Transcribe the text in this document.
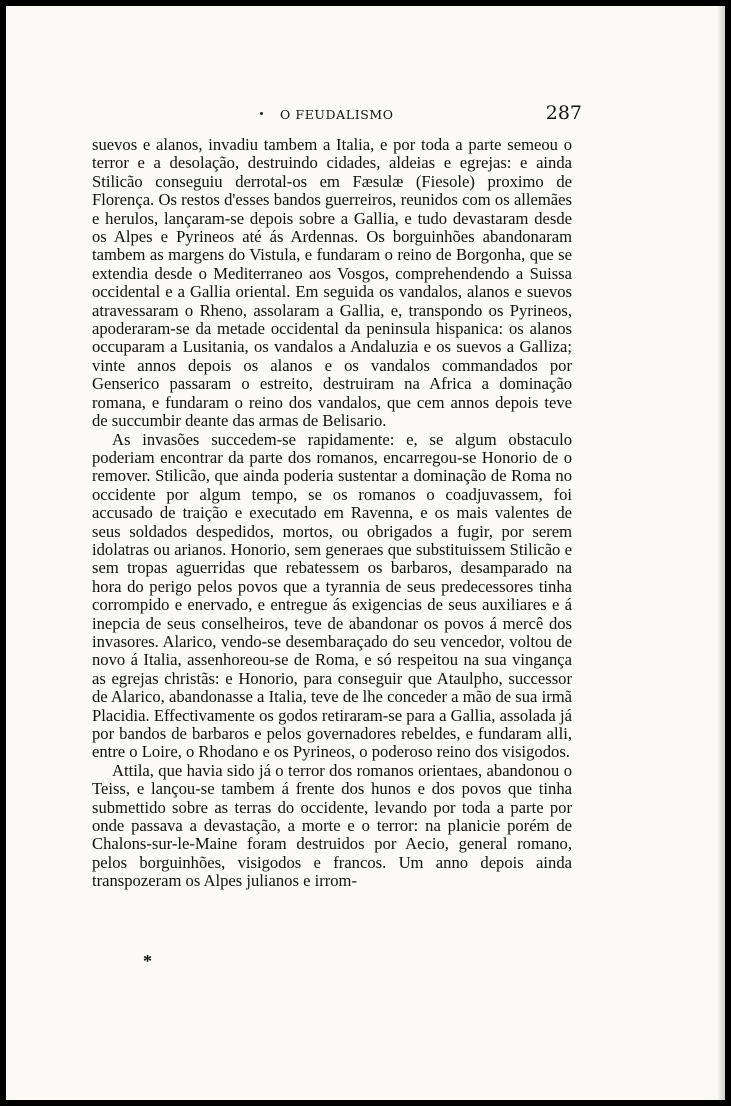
O FEUDALISMO	287

suevos e alanos, invadiu tambem a Italia, e por toda a parte semeou o terror e a desolação, destruindo cidades, aldeias e egrejas: e ainda Stilicão conseguiu derrotal-os em Fæsulæ (Fiesole) proximo de Florença. Os restos d'esses bandos guerreiros, reunidos com os allemães e herulos, lançaram-se depois sobre a Gallia, e tudo devastaram desde os Alpes e Pyrineos até ás Ardennas. Os borguinhões abandonaram tambem as margens do Vistula, e fundaram o reino de Borgonha, que se extendia desde o Mediterraneo aos Vosgos, comprehendendo a Suissa occidental e a Gallia oriental. Em seguida os vandalos, alanos e suevos atravessaram o Rheno, assolaram a Gallia, e, transpondo os Pyrineos, apoderaram-se da metade occidental da peninsula hispanica: os alanos occuparam a Lusitania, os vandalos a Andaluzia e os suevos a Galliza; vinte annos depois os alanos e os vandalos commandados por Genserico passaram o estreito, destruiram na Africa a dominação romana, e fundaram o reino dos vandalos, que cem annos depois teve de succumbir deante das armas de Belisario.

As invasões succedem-se rapidamente: e, se algum obstaculo poderiam encontrar da parte dos romanos, encarregou-se Honorio de o remover. Stilicão, que ainda poderia sustentar a dominação de Roma no occidente por algum tempo, se os romanos o coadjuvassem, foi accusado de traição e executado em Ravenna, e os mais valentes de seus soldados despedidos, mortos, ou obrigados a fugir, por serem idolatras ou arianos. Honorio, sem generaes que substituissem Stilicão e sem tropas aguerridas que rebatessem os barbaros, desamparado na hora do perigo pelos povos que a tyrannia de seus predecessores tinha corrompido e enervado, e entregue ás exigencias de seus auxiliares e á inepcia de seus conselheiros, teve de abandonar os povos á mercê dos invasores. Alarico, vendo-se desembaraçado do seu vencedor, voltou de novo á Italia, assenhoreou-se de Roma, e só respeitou na sua vingança as egrejas christãs: e Honorio, para conseguir que Ataulpho, successor de Alarico, abandonasse a Italia, teve de lhe conceder a mão de sua irmã Placidia. Effectivamente os godos retiraram-se para a Gallia, assolada já por bandos de barbaros e pelos governadores rebeldes, e fundaram alli, entre o Loire, o Rhodano e os Pyrineos, o poderoso reino dos visigodos.

Attila, que havia sido já o terror dos romanos orientaes, abandonou o Teiss, e lançou-se tambem á frente dos hunos e dos povos que tinha submettido sobre as terras do occidente, levando por toda a parte por onde passava a devastação, a morte e o terror: na planicie porém de Chalons-sur-le-Maine foram destruidos por Aecio, general romano, pelos borguinhões, visigodos e francos. Um anno depois ainda transpozeram os Alpes julianos e irrom-

*
